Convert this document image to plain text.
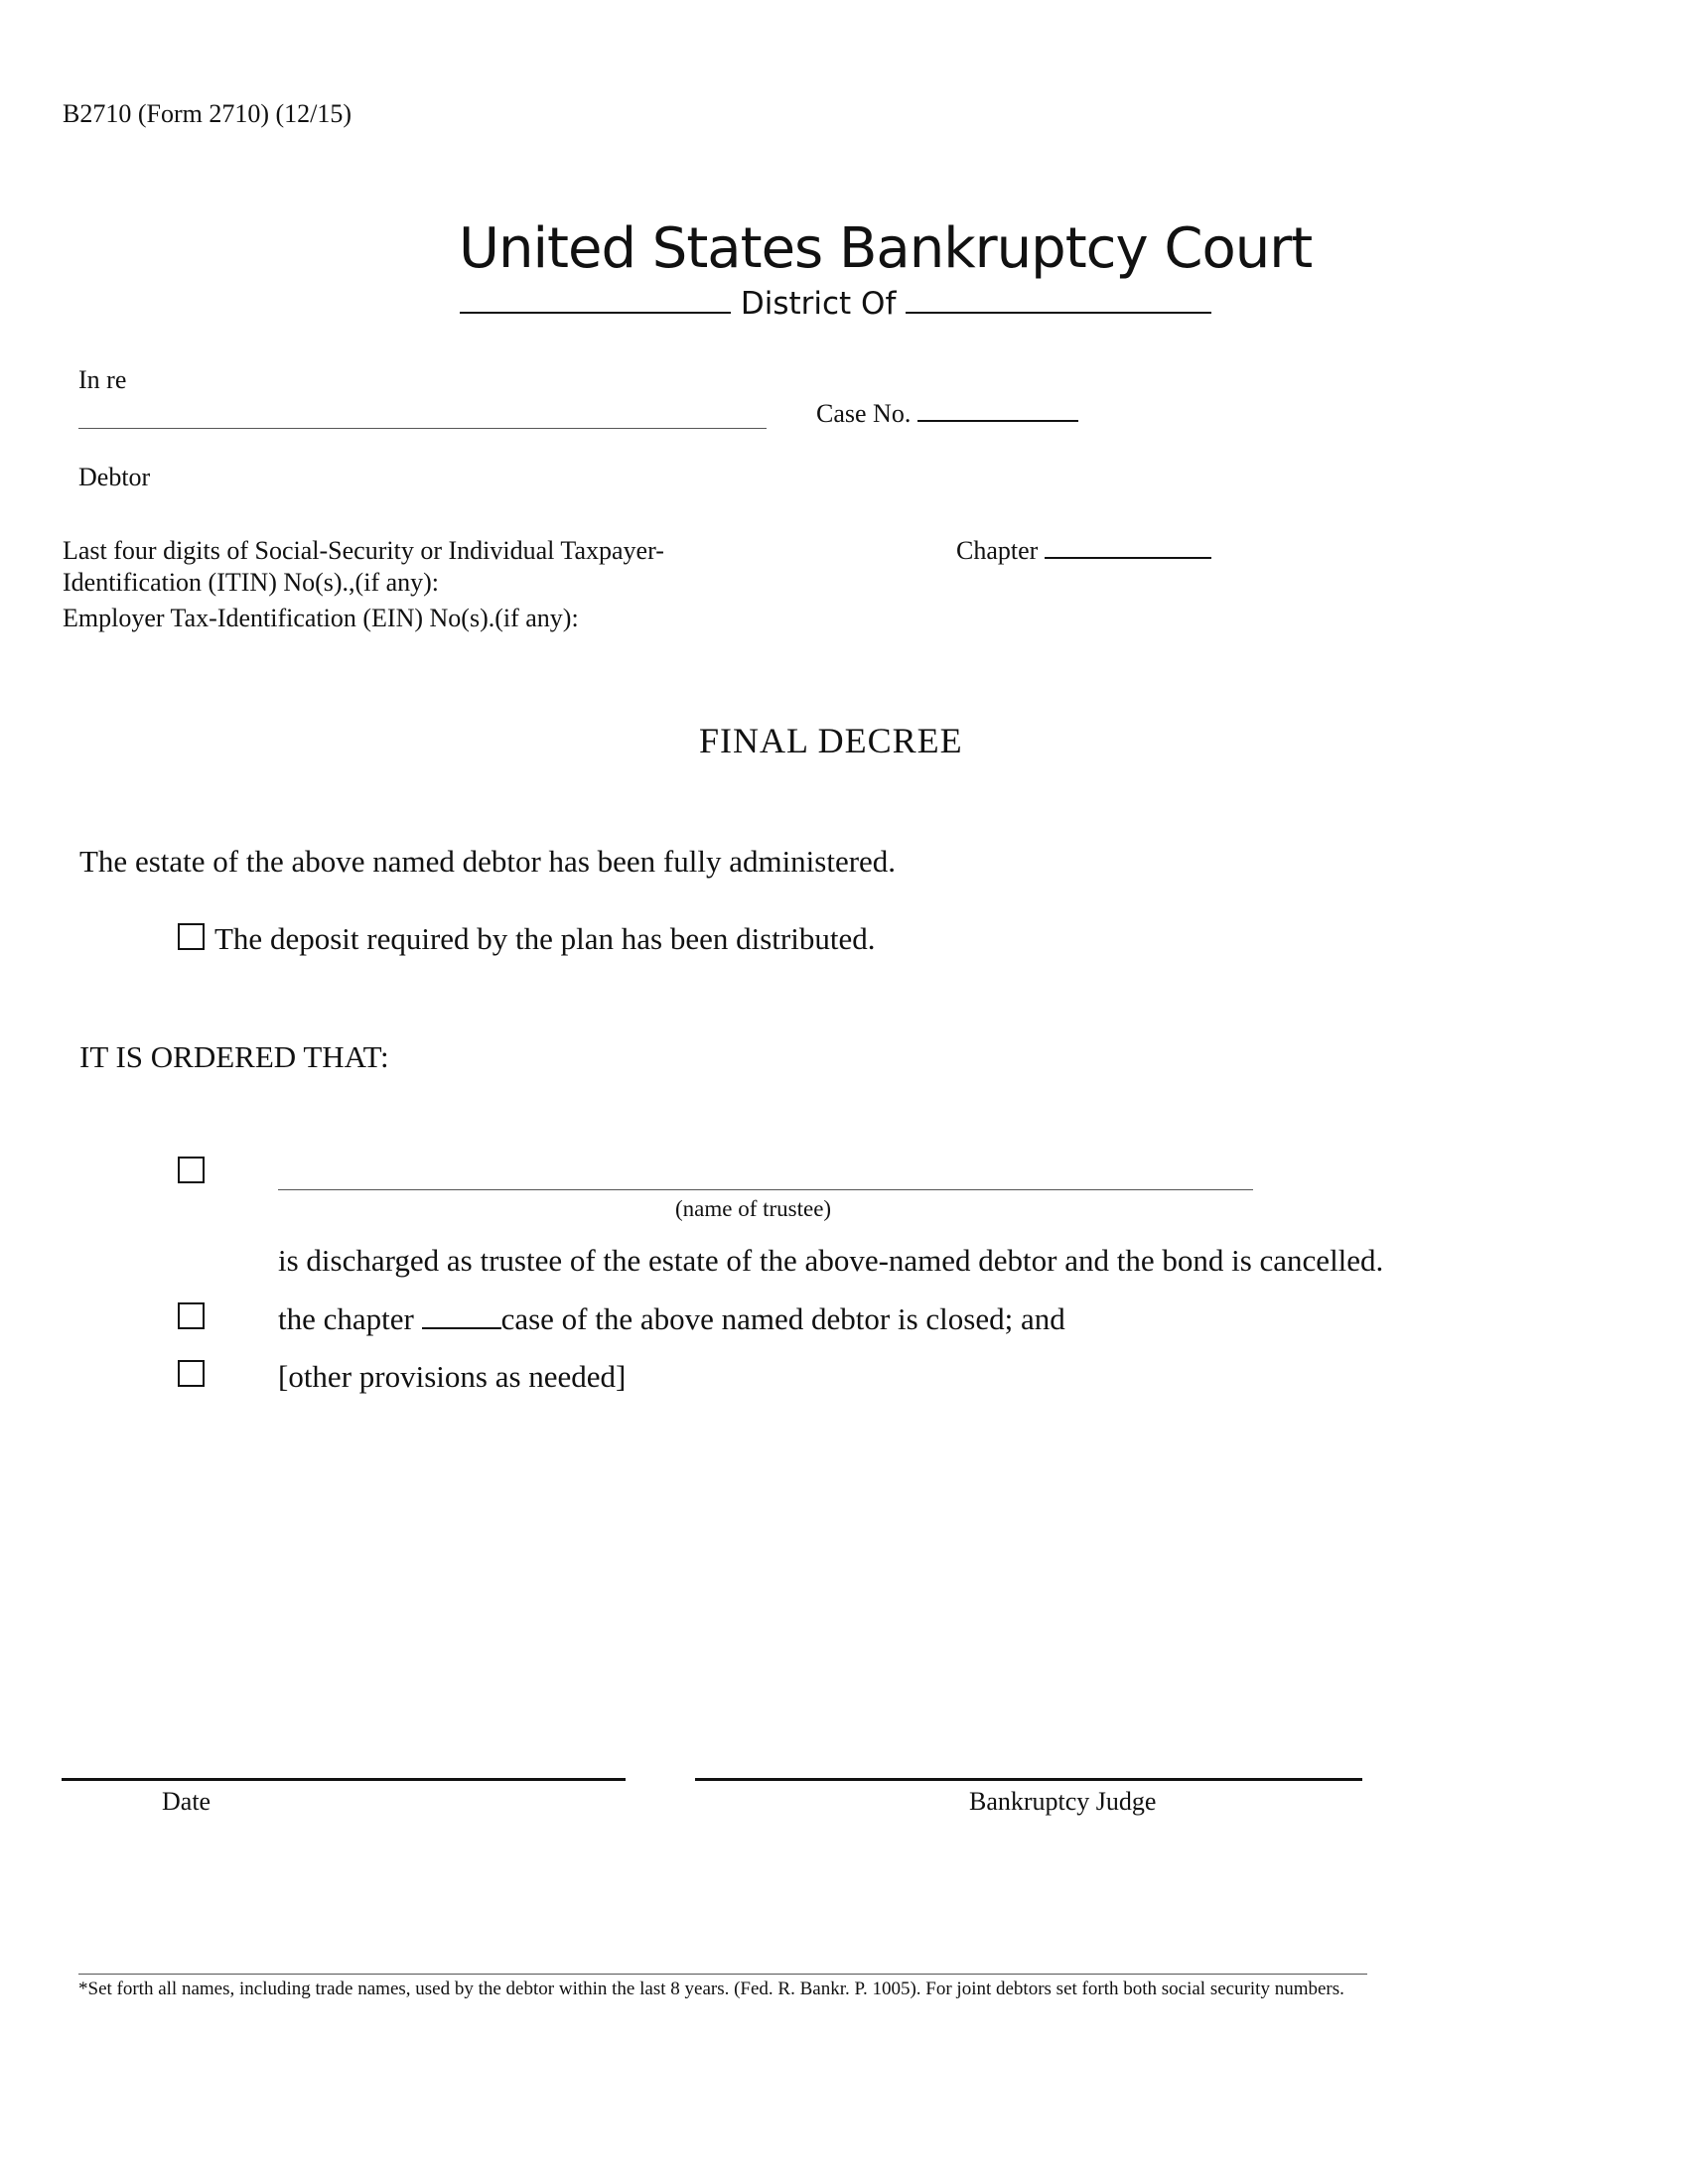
B2710 (Form 2710) (12/15)
United States Bankruptcy Court
District Of
In re
Case No.
Debtor
Last four digits of Social-Security or Individual Taxpayer-
Identification (ITIN) No(s).,(if any):
Employer Tax-Identification (EIN) No(s).(if any):
Chapter
FINAL DECREE
The estate of the above named debtor has been fully administered.
The deposit required by the plan has been distributed.
IT IS ORDERED THAT:
(name of trustee)
is discharged as trustee of the estate of the above-named debtor and the bond is cancelled.
the chapter	case of the above named debtor is closed; and
[other provisions as needed]
Date	Bankruptcy Judge
*Set forth all names, including trade names, used by the debtor within the last 8 years. (Fed. R. Bankr. P. 1005). For joint debtors set forth both social security numbers.
